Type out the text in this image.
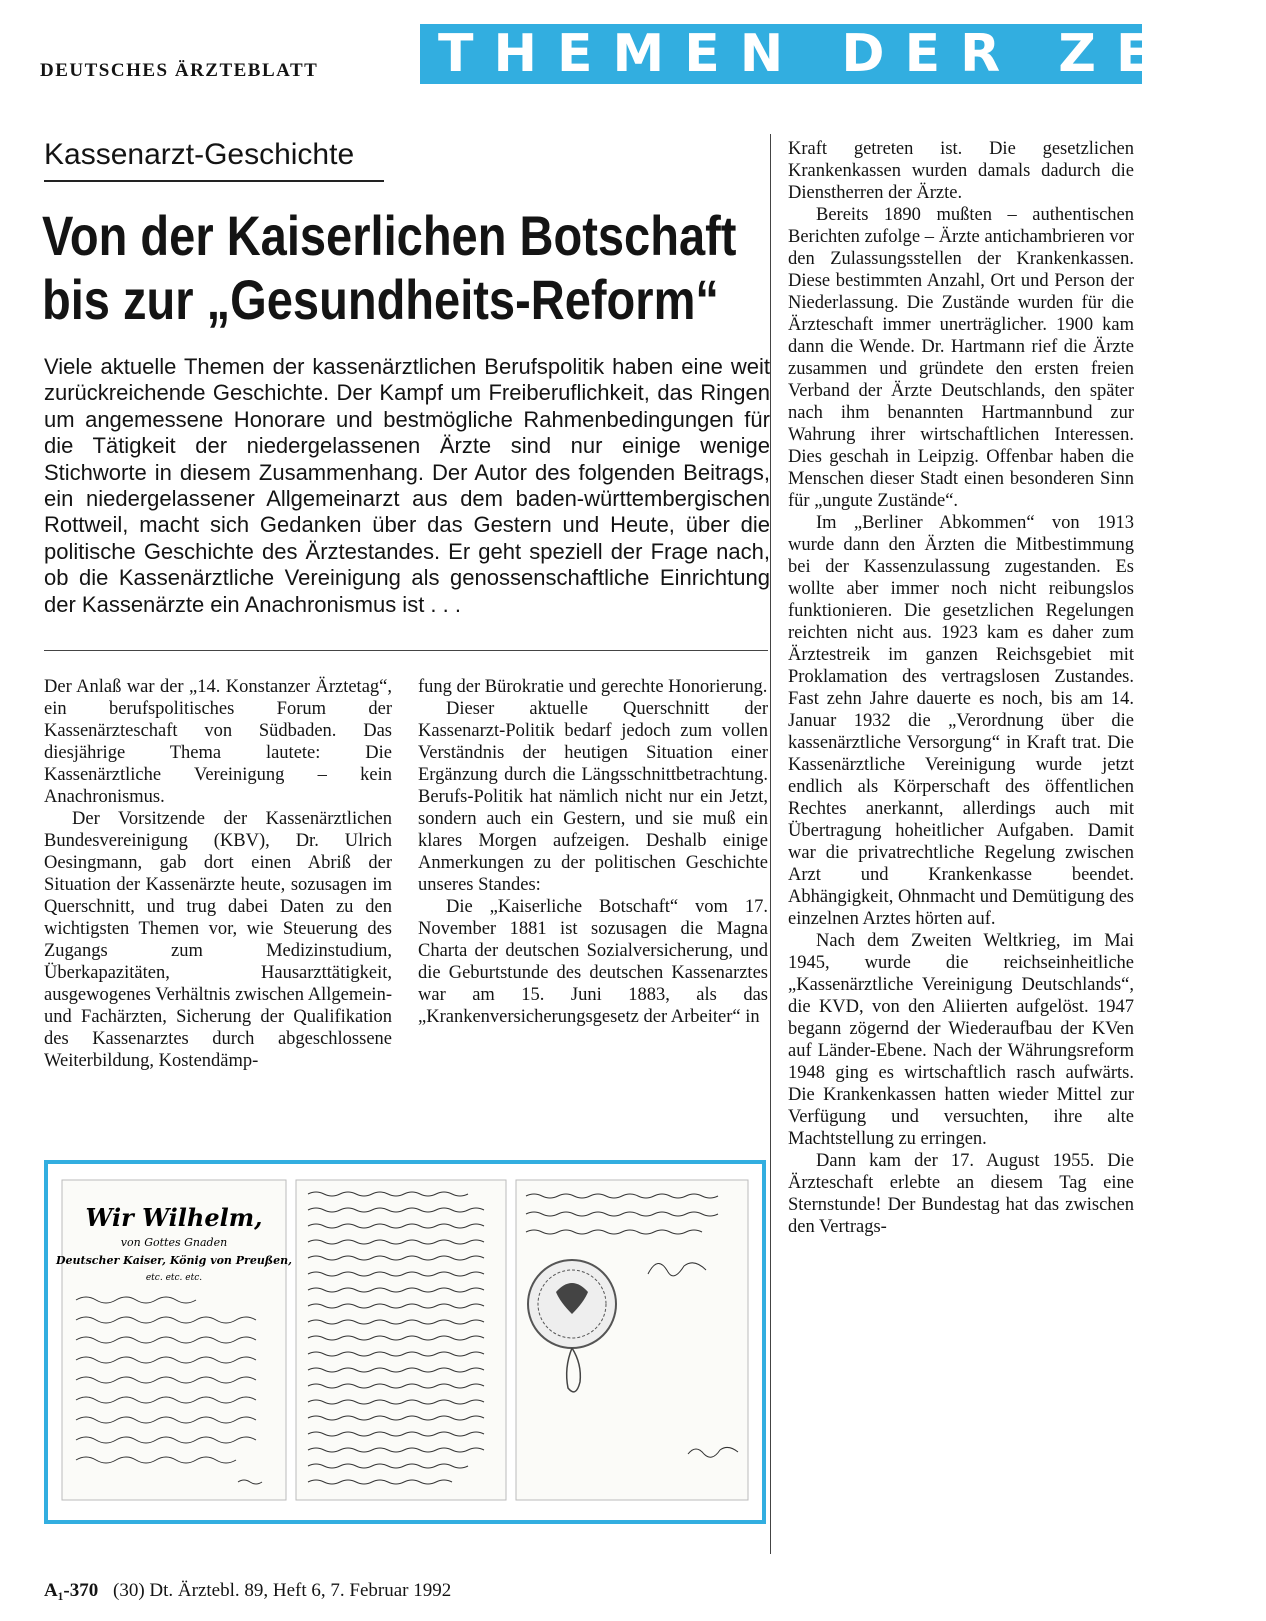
DEUTSCHES ÄRZTEBLATT	THEMEN DER ZEIT
Kassenarzt-Geschichte
Von der Kaiserlichen Botschaft bis zur „Gesundheits-Reform“
Viele aktuelle Themen der kassenärztlichen Berufspolitik haben eine weit zurückreichende Geschichte. Der Kampf um Freiberuflichkeit, das Ringen um angemessene Honorare und bestmögliche Rahmenbedingungen für die Tätigkeit der niedergelassenen Ärzte sind nur einige wenige Stichworte in diesem Zusammenhang. Der Autor des folgenden Beitrags, ein niedergelassener Allgemeinarzt aus dem baden-württembergischen Rottweil, macht sich Gedanken über das Gestern und Heute, über die politische Geschichte des Ärztestandes. Er geht speziell der Frage nach, ob die Kassenärztliche Vereinigung als genossenschaftliche Einrichtung der Kassenärzte ein Anachronismus ist . . .

Der Anlaß war der „14. Konstanzer Ärztetag“, ein berufspolitisches Forum der Kassenärzteschaft von Südbaden. Das diesjährige Thema lautete: Die Kassenärztliche Vereinigung – kein Anachronismus.

Der Vorsitzende der Kassenärztlichen Bundesvereinigung (KBV), Dr. Ulrich Oesingmann, gab dort einen Abriß der Situation der Kassenärzte heute, sozusagen im Querschnitt, und trug dabei Daten zu den wichtigsten Themen vor, wie Steuerung des Zugangs zum Medizinstudium, Überkapazitäten, Hausarzttätigkeit, ausgewogenes Verhältnis zwischen Allgemein- und Fachärzten, Sicherung der Qualifikation des Kassenarztes durch abgeschlossene Weiterbildung, Kostendämp-

fung der Bürokratie und gerechte Honorierung.

Dieser aktuelle Querschnitt der Kassenarzt-Politik bedarf jedoch zum vollen Verständnis der heutigen Situation einer Ergänzung durch die Längsschnittbetrachtung. Berufs-Politik hat nämlich nicht nur ein Jetzt, sondern auch ein Gestern, und sie muß ein klares Morgen aufzeigen. Deshalb einige Anmerkungen zu der politischen Geschichte unseres Standes:

Die „Kaiserliche Botschaft“ vom 17. November 1881 ist sozusagen die Magna Charta der deutschen Sozialversicherung, und die Geburtstunde des deutschen Kassenarztes war am 15. Juni 1883, als das „Krankenversicherungsgesetz der Arbeiter“ in

Kraft getreten ist. Die gesetzlichen Krankenkassen wurden damals dadurch die Dienstherren der Ärzte.

Bereits 1890 mußten – authentischen Berichten zufolge – Ärzte antichambrieren vor den Zulassungsstellen der Krankenkassen. Diese bestimmten Anzahl, Ort und Person der Niederlassung. Die Zustände wurden für die Ärzteschaft immer unerträglicher. 1900 kam dann die Wende. Dr. Hartmann rief die Ärzte zusammen und gründete den ersten freien Verband der Ärzte Deutschlands, den später nach ihm benannten Hartmannbund zur Wahrung ihrer wirtschaftlichen Interessen. Dies geschah in Leipzig. Offenbar haben die Menschen dieser Stadt einen besonderen Sinn für „ungute Zustände“.

Im „Berliner Abkommen“ von 1913 wurde dann den Ärzten die Mitbestimmung bei der Kassenzulassung zugestanden. Es wollte aber immer noch nicht reibungslos funktionieren. Die gesetzlichen Regelungen reichten nicht aus. 1923 kam es daher zum Ärztestreik im ganzen Reichsgebiet mit Proklamation des vertragslosen Zustandes. Fast zehn Jahre dauerte es noch, bis am 14. Januar 1932 die „Verordnung über die kassenärztliche Versorgung“ in Kraft trat. Die Kassenärztliche Vereinigung wurde jetzt endlich als Körperschaft des öffentlichen Rechtes anerkannt, allerdings auch mit Übertragung hoheitlicher Aufgaben. Damit war die privatrechtliche Regelung zwischen Arzt und Krankenkasse beendet. Abhängigkeit, Ohnmacht und Demütigung des einzelnen Arztes hörten auf.

Nach dem Zweiten Weltkrieg, im Mai 1945, wurde die reichseinheitliche „Kassenärztliche Vereinigung Deutschlands“, die KVD, von den Aliierten aufgelöst. 1947 begann zögernd der Wiederaufbau der KVen auf Länder-Ebene. Nach der Währungsreform 1948 ging es wirtschaftlich rasch aufwärts. Die Krankenkassen hatten wieder Mittel zur Verfügung und versuchten, ihre alte Machtstellung zu erringen.

Dann kam der 17. August 1955. Die Ärzteschaft erlebte an diesem Tag eine Sternstunde! Der Bundestag hat das zwischen den Vertrags-

Wir Wilhelm,
von Gottes Gnaden
Deutscher Kaiser, König von Preußen,
etc. etc. etc.
A₁-370 (30) Dt. Ärztebl. 89, Heft 6, 7. Februar 1992
